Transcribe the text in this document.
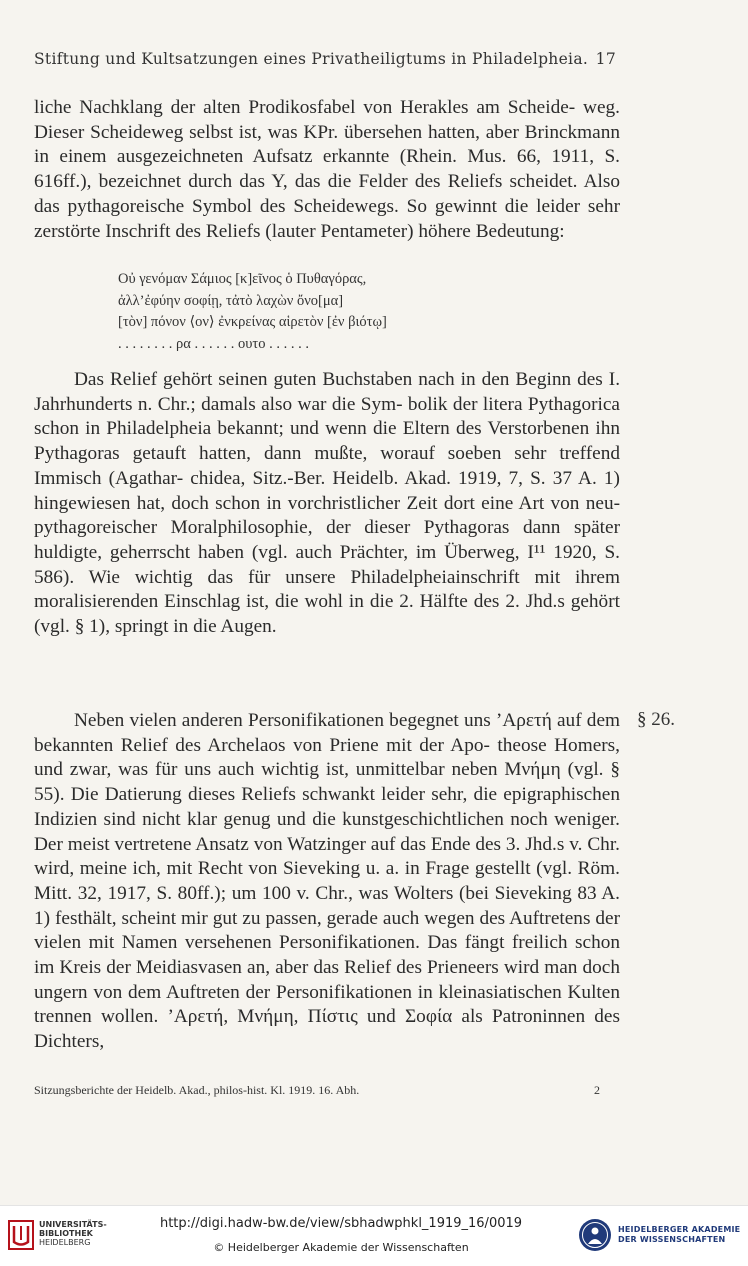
Stiftung und Kultsatzungen eines Privatheiligtums in Philadelpheia. 17

liche Nachklang der alten Prodikosfabel von Herakles am Scheide- weg. Dieser Scheideweg selbst ist, was KPr. übersehen hatten, aber Brinckmann in einem ausgezeichneten Aufsatz erkannte (Rhein. Mus. 66, 1911, S. 616ff.), bezeichnet durch das Y, das die Felder des Reliefs scheidet. Also das pythagoreische Symbol des Scheidewegs. So gewinnt die leider sehr zerstörte Inschrift des Reliefs (lauter Pentameter) höhere Bedeutung:

Οὐ γενόμαν Σάμιος [κ]εῖνος ὁ Πυθαγόρας,
ἀλλ’ἐφύην σοφίῃ, τἀτὸ λαχὼν ὄνο[μα]
[τὸν] πόνον ⟨ον⟩ ἐνκρείνας αἱρετὸν [ἐν βιότῳ]
. . . . . . . . ρα . . . . . . ουτο . . . . . .

Das Relief gehört seinen guten Buchstaben nach in den Beginn des I. Jahrhunderts n. Chr.; damals also war die Sym- bolik der litera Pythagorica schon in Philadelpheia bekannt; und wenn die Eltern des Verstorbenen ihn Pythagoras getauft hatten, dann mußte, worauf soeben sehr treffend Immisch (Agathar- chidea, Sitz.-Ber. Heidelb. Akad. 1919, 7, S. 37 A. 1) hingewiesen hat, doch schon in vorchristlicher Zeit dort eine Art von neu- pythagoreischer Moralphilosophie, der dieser Pythagoras dann später huldigte, geherrscht haben (vgl. auch Prächter, im Überweg, I¹¹ 1920, S. 586). Wie wichtig das für unsere Philadelpheiainschrift mit ihrem moralisierenden Einschlag ist, die wohl in die 2. Hälfte des 2. Jhd.s gehört (vgl. § 1), springt in die Augen.

§ 26.

Neben vielen anderen Personifikationen begegnet uns ’Αρετή auf dem bekannten Relief des Archelaos von Priene mit der Apo- theose Homers, und zwar, was für uns auch wichtig ist, unmittelbar neben Μνήμη (vgl. § 55). Die Datierung dieses Reliefs schwankt leider sehr, die epigraphischen Indizien sind nicht klar genug und die kunstgeschichtlichen noch weniger. Der meist vertretene Ansatz von Watzinger auf das Ende des 3. Jhd.s v. Chr. wird, meine ich, mit Recht von Sieveking u. a. in Frage gestellt (vgl. Röm. Mitt. 32, 1917, S. 80ff.); um 100 v. Chr., was Wolters (bei Sieveking 83 A. 1) festhält, scheint mir gut zu passen, gerade auch wegen des Auftretens der vielen mit Namen versehenen Personifikationen. Das fängt freilich schon im Kreis der Meidiasvasen an, aber das Relief des Prieneers wird man doch ungern von dem Auftreten der Personifikationen in kleinasiatischen Kulten trennen wollen. ’Αρετή, Μνήμη, Πίστις und Σοφία als Patroninnen des Dichters,

Sitzungsberichte der Heidelb. Akad., philos-hist. Kl. 1919. 16. Abh.	2
UNIVERSITÄTS-
BIBLIOTHEK
HEIDELBERG
http://digi.hadw-bw.de/view/sbhadwphkl_1919_16/0019
© Heidelberger Akademie der Wissenschaften
HEIDELBERGER AKADEMIE
DER WISSENSCHAFTEN
